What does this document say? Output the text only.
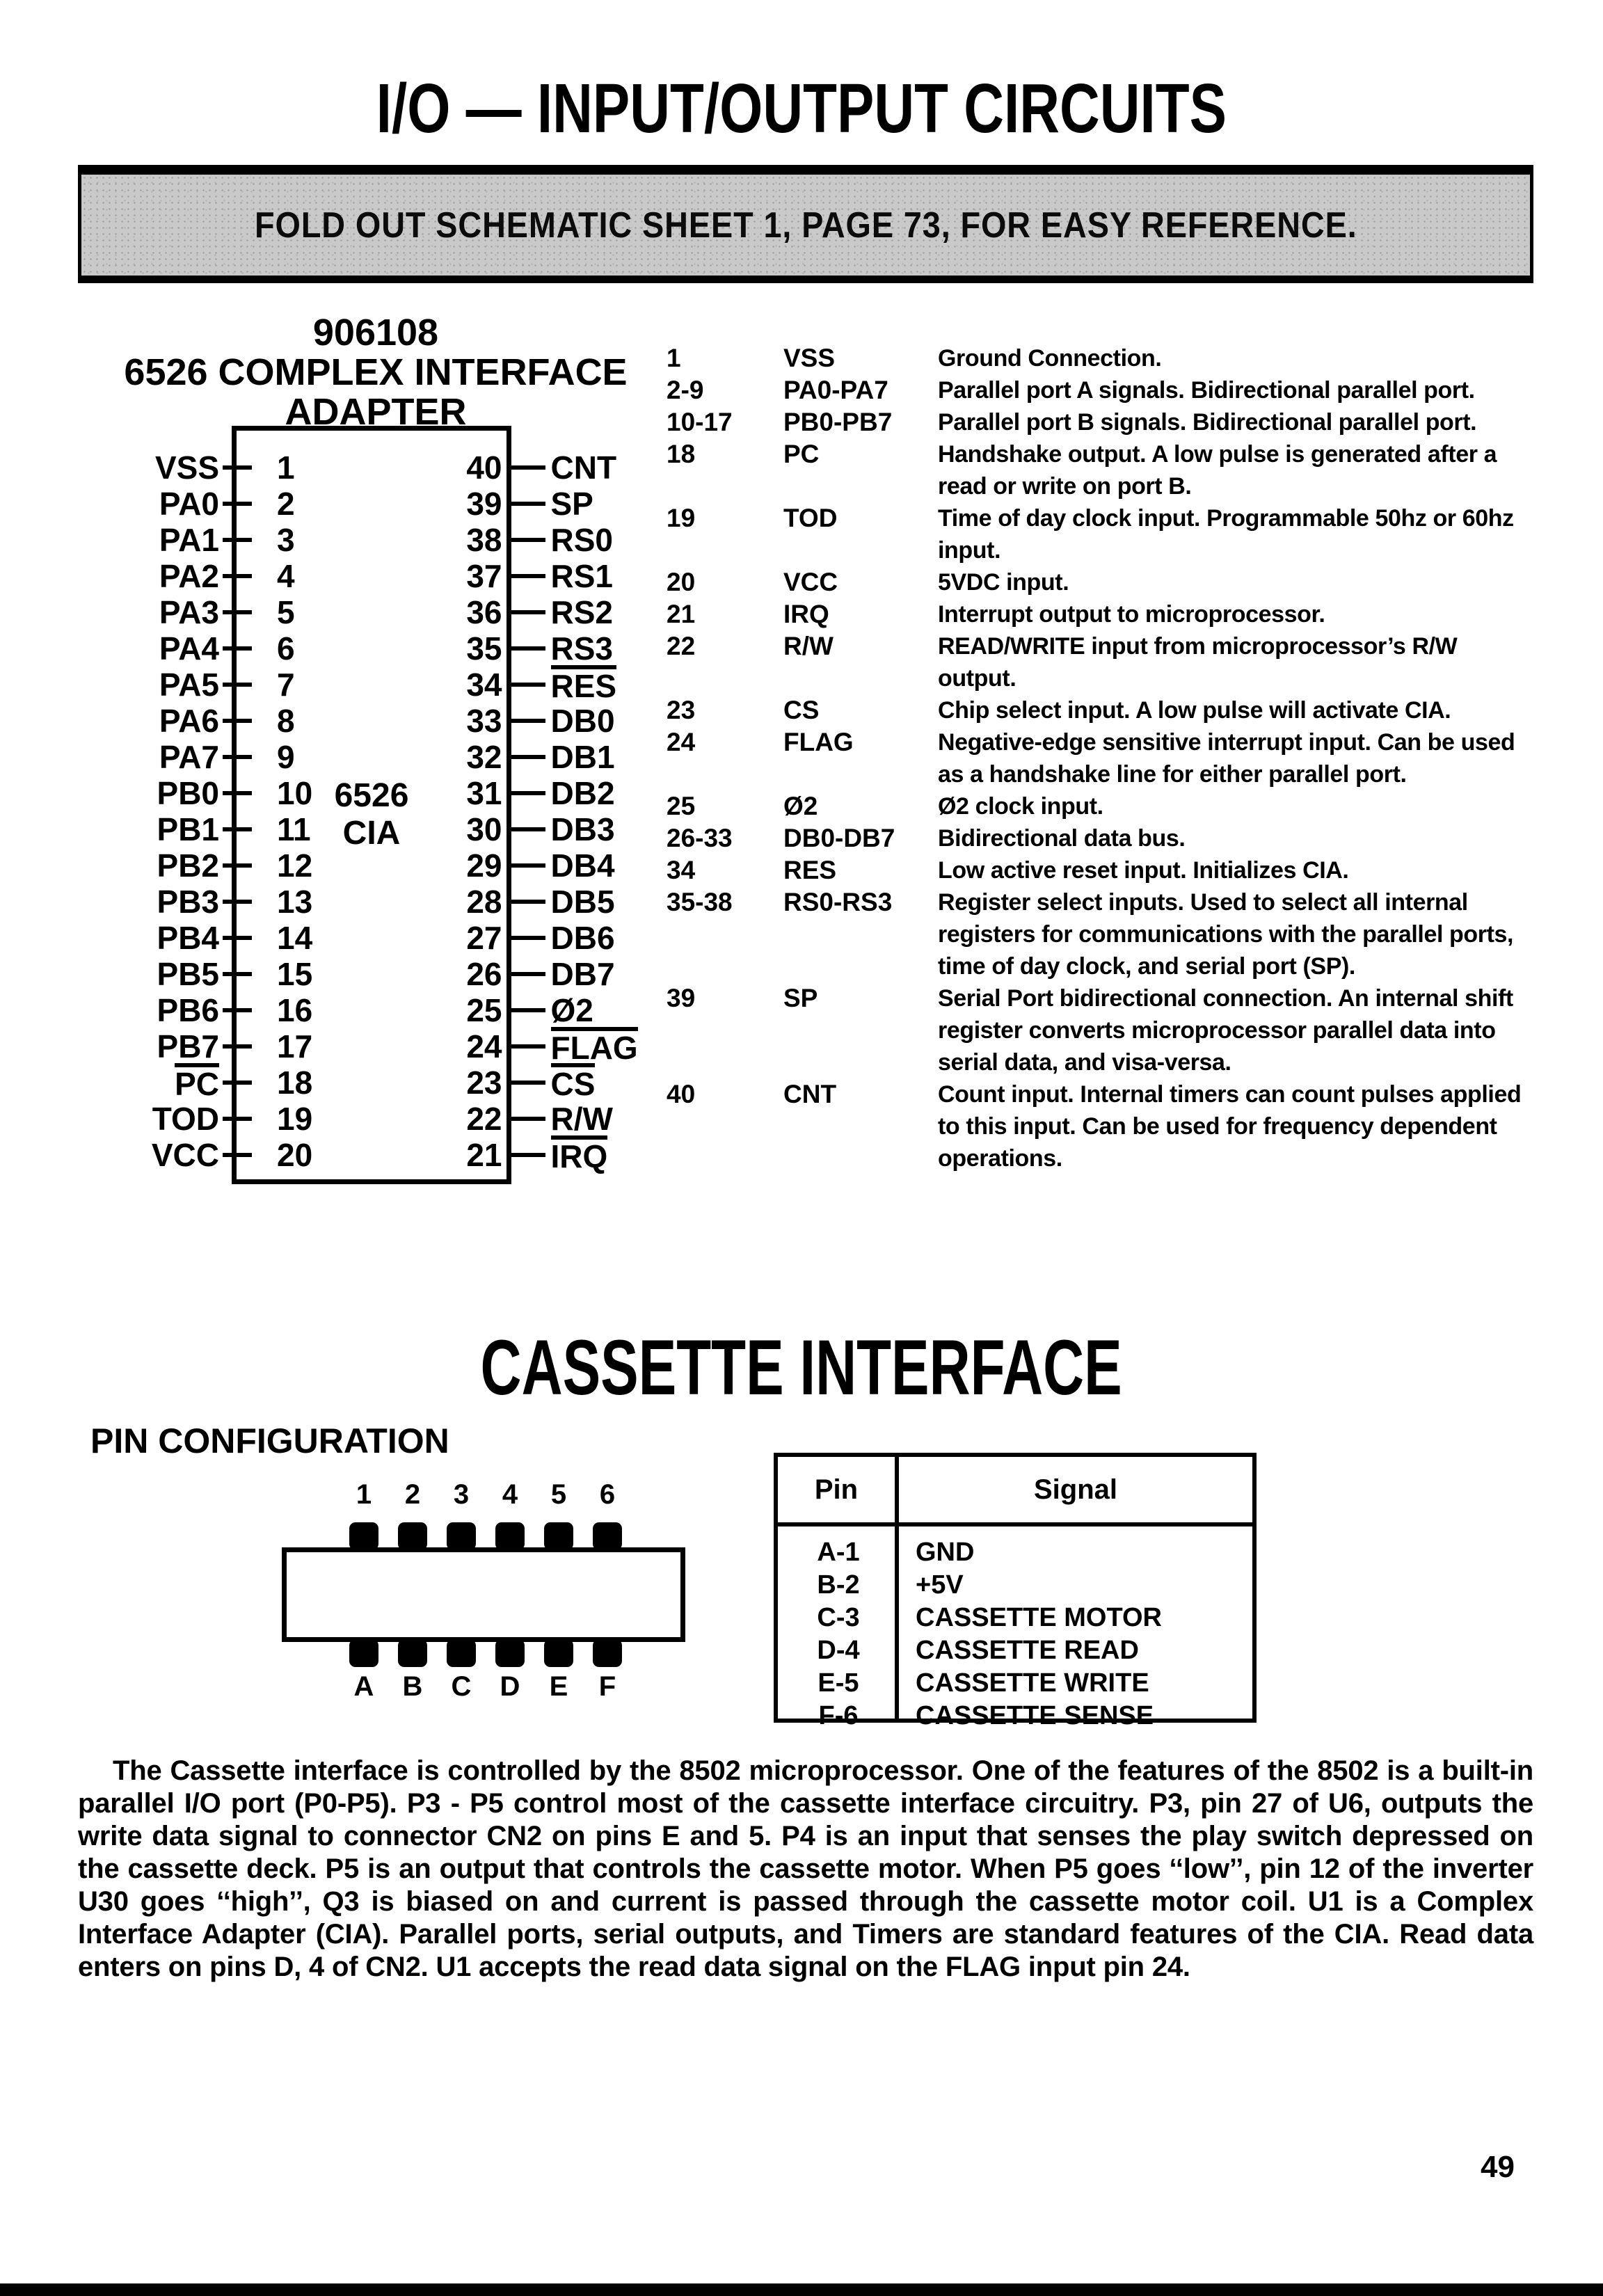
I/O — INPUT/OUTPUT CIRCUITS
FOLD OUT SCHEMATIC SHEET 1, PAGE 73, FOR EASY REFERENCE.
906108
6526 COMPLEX INTERFACE
ADAPTER
VSS	1	40 CNT
PA0	2	39 SP
PA1	3	38 RS0
PA2	4	37 RS1
PA3	5	36 RS2
PA4	6	35 RS3
PA5	7	34 RES
PA6	8	33 DB0
PA7	9	32 DB1
PB0	10	31 DB2
PB1	11	30 DB3
PB2	12	29 DB4
PB3	13	28 DB5
PB4	14	27 DB6
PB5	15	26 DB7
PB6	16	25 Ø2
PB7	17	24 FLAG
PC	18	23 CS
TOD	19	22 R/W
VCC	20	21 IRQ
6526
CIA
1	VSS	Ground Connection.
2-9	PA0-PA7	Parallel port A signals. Bidirectional parallel port.
10-17	PB0-PB7	Parallel port B signals. Bidirectional parallel port.
18	PC	Handshake output. A low pulse is generated after a read or write on port B.
19	TOD	Time of day clock input. Programmable 50hz or 60hz input.
20	VCC	5VDC input.
21	IRQ	Interrupt output to microprocessor.
22	R/W	READ/WRITE input from microprocessor’s R/W output.
23	CS	Chip select input. A low pulse will activate CIA.
24	FLAG	Negative-edge sensitive interrupt input. Can be used as a handshake line for either parallel port.
25	Ø2	Ø2 clock input.
26-33	DB0-DB7	Bidirectional data bus.
34	RES	Low active reset input. Initializes CIA.
35-38	RS0-RS3	Register select inputs. Used to select all internal registers for communications with the parallel ports, time of day clock, and serial port (SP).
39	SP	Serial Port bidirectional connection. An internal shift register converts microprocessor parallel data into serial data, and visa-versa.
40	CNT	Count input. Internal timers can count pulses applied to this input. Can be used for frequency dependent operations.
CASSETTE INTERFACE
PIN CONFIGURATION
1 2 3 4 5 6
A B C D E F
Pin	Signal
A-1	GND
B-2	+5V
C-3	CASSETTE MOTOR
D-4	CASSETTE READ
E-5	CASSETTE WRITE
F-6	CASSETTE SENSE
The Cassette interface is controlled by the 8502 microprocessor. One of the features of the 8502 is a built-in parallel I/O port (P0-P5). P3 - P5 control most of the cassette interface circuitry. P3, pin 27 of U6, outputs the write data signal to connector CN2 on pins E and 5. P4 is an input that senses the play switch depressed on the cassette deck. P5 is an output that controls the cassette motor. When P5 goes ‘‘low’’, pin 12 of the inverter U30 goes ‘‘high’’, Q3 is biased on and current is passed through the cassette motor coil. U1 is a Complex Interface Adapter (CIA). Parallel ports, serial outputs, and Timers are standard features of the CIA. Read data enters on pins D, 4 of CN2. U1 accepts the read data signal on the FLAG input pin 24.
49
